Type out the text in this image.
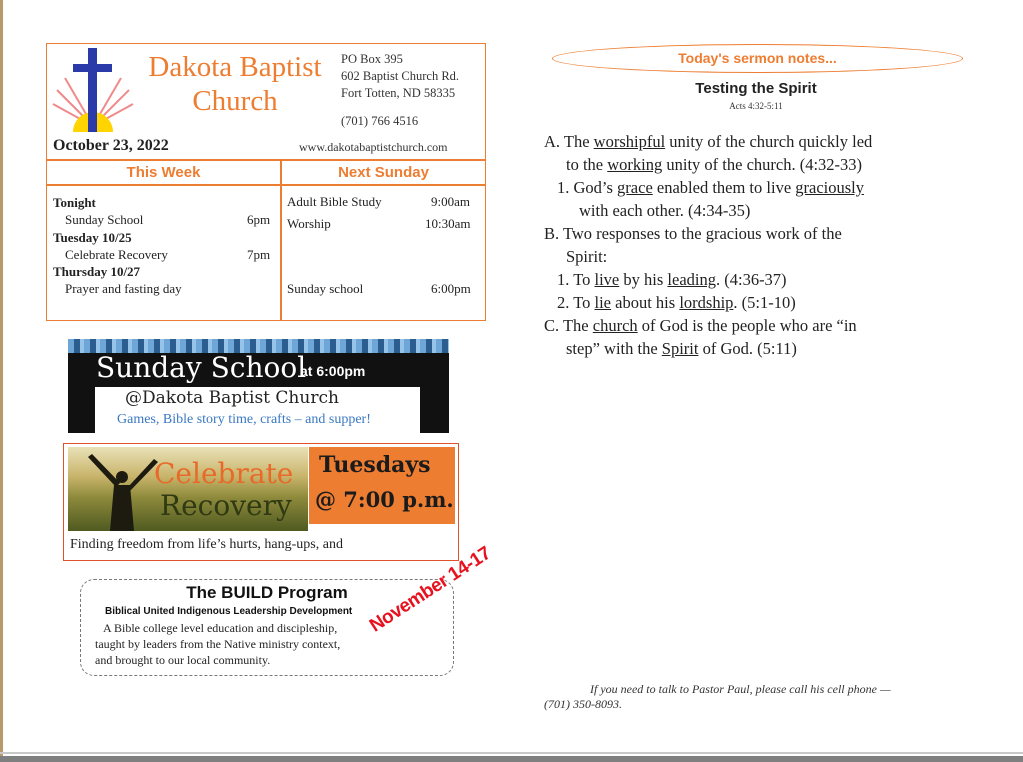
Dakota Baptist
Church
PO Box 395
602 Baptist Church Rd.
Fort Totten, ND 58335
(701) 766 4516
October 23, 2022	www.dakotabaptistchurch.com
This Week	Next Sunday
Tonight
Sunday School	6pm
Tuesday 10/25
Celebrate Recovery	7pm
Thursday 10/27
Prayer and fasting day
Adult Bible Study	9:00am
Worship	10:30am
Sunday school	6:00pm
Sunday School
at 6:00pm
@Dakota Baptist Church
Games, Bible story time, crafts – and supper!
Celebrate
Recovery
Tuesdays
@ 7:00 p.m.
Finding freedom from life’s hurts, hang-ups, and
The BUILD Program
Biblical United Indigenous Leadership Development
A Bible college level education and discipleship,
taught by leaders from the Native ministry context,
and brought to our local community.
November 14-17
Today's sermon notes...
Testing the Spirit
Acts 4:32-5:11
A. The worshipful unity of the church quickly led
to the working unity of the church. (4:32-33)
1. God’s grace enabled them to live graciously
with each other. (4:34-35)
B. Two responses to the gracious work of the
Spirit:
1. To live by his leading. (4:36-37)
2. To lie about his lordship. (5:1-10)
C. The church of God is the people who are “in
step” with the Spirit of God. (5:11)
If you need to talk to Pastor Paul, please call his cell phone —
(701) 350-8093.
